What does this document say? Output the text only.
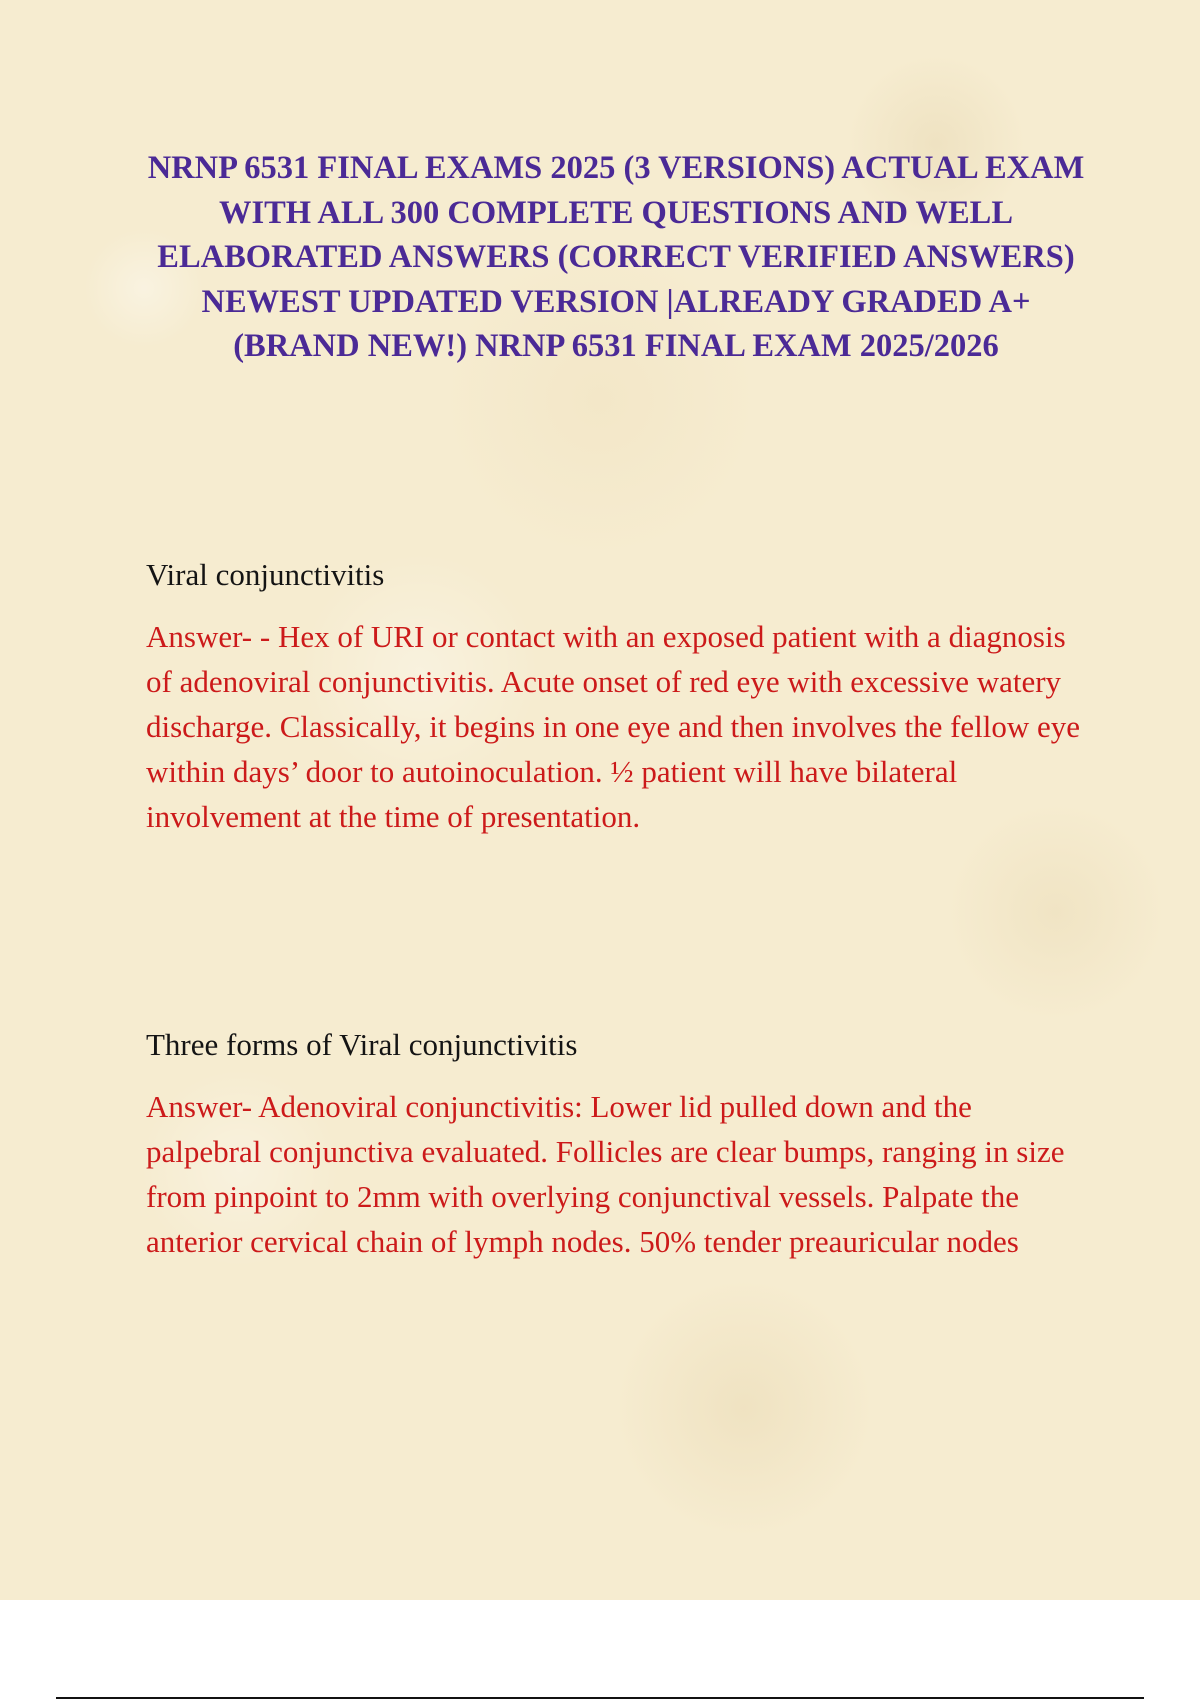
NRNP 6531 FINAL EXAMS 2025 (3 VERSIONS) ACTUAL EXAM WITH ALL 300 COMPLETE QUESTIONS AND WELL ELABORATED ANSWERS (CORRECT VERIFIED ANSWERS) NEWEST UPDATED VERSION |ALREADY GRADED A+ (BRAND NEW!) NRNP 6531 FINAL EXAM 2025/2026

Viral conjunctivitis

Answer- - Hex of URI or contact with an exposed patient with a diagnosis of adenoviral conjunctivitis. Acute onset of red eye with excessive watery discharge. Classically, it begins in one eye and then involves the fellow eye within days’ door to autoinoculation. ½ patient will have bilateral involvement at the time of presentation.

Three forms of Viral conjunctivitis

Answer- Adenoviral conjunctivitis: Lower lid pulled down and the palpebral conjunctiva evaluated. Follicles are clear bumps, ranging in size from pinpoint to 2mm with overlying conjunctival vessels. Palpate the anterior cervical chain of lymph nodes. 50% tender preauricular nodes
